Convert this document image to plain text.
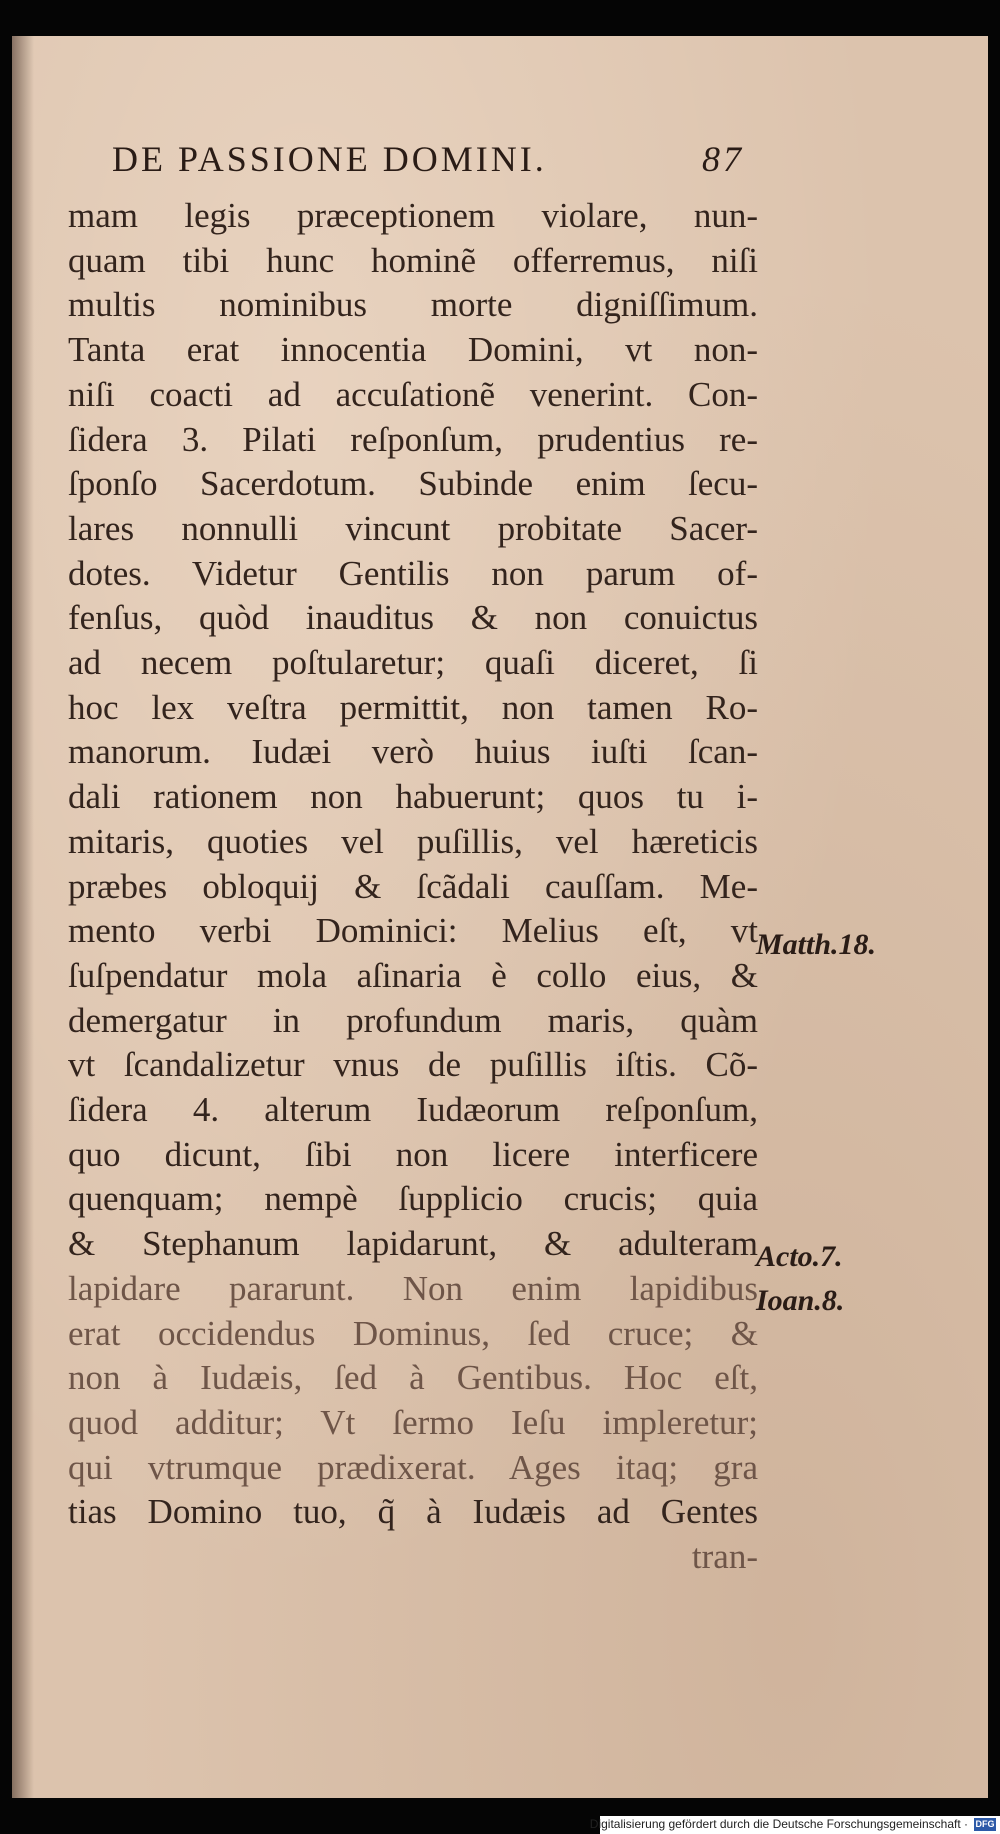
DE PASSIONE DOMINI.	87
mam legis præceptionem violare, nun-
quam tibi hunc hominẽ offerremus, niſi
multis nominibus morte digniſſimum.
Tanta erat innocentia Domini, vt non-
niſi coacti ad accuſationẽ venerint. Con-
ſidera 3. Pilati reſponſum, prudentius re-
ſponſo Sacerdotum. Subinde enim ſecu-
lares nonnulli vincunt probitate Sacer-
dotes. Videtur Gentilis non parum of-
fenſus, quòd inauditus & non conuictus
ad necem poſtularetur; quaſi diceret, ſi
hoc lex veſtra permittit, non tamen Ro-
manorum. Iudæi verò huius iuſti ſcan-
dali rationem non habuerunt; quos tu i-
mitaris, quoties vel puſillis, vel hæreticis
præbes obloquij & ſcãdali cauſſam. Me-
mento verbi Dominici: Melius eſt, vt
ſuſpendatur mola aſinaria è collo eius, &
demergatur in profundum maris, quàm
vt ſcandalizetur vnus de puſillis iſtis. Cõ-
ſidera 4. alterum Iudæorum reſponſum,
quo dicunt, ſibi non licere interficere
quenquam; nempè ſupplicio crucis; quia
& Stephanum lapidarunt, & adulteram
lapidare pararunt. Non enim lapidibus
erat occidendus Dominus, ſed cruce; &
non à Iudæis, ſed à Gentibus. Hoc eſt,
quod additur; Vt ſermo Ieſu impleretur;
qui vtrumque prædixerat. Ages itaq; gra
tias Domino tuo, q̃ à Iudæis ad Gentes
tran-
Matth.18.
Acto.7.
Ioan.8.
Digitalisierung gefördert durch die Deutsche Forschungsgemeinschaft · DFG
